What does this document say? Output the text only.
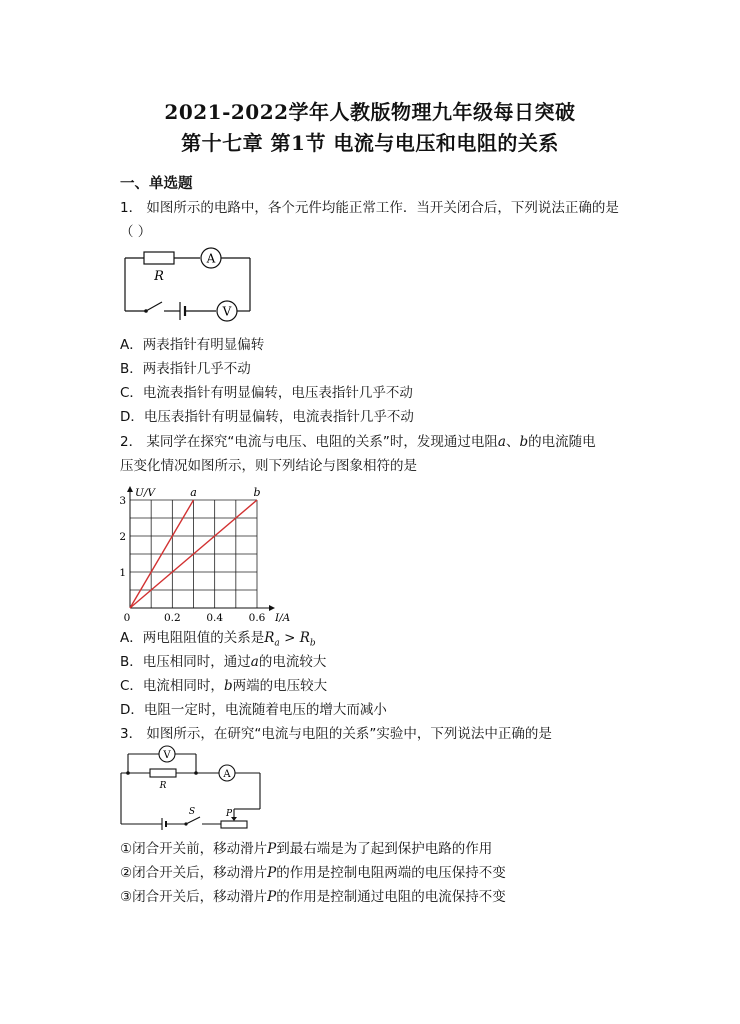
2021-2022学年人教版物理九年级每日突破
第十七章 第1节 电流与电压和电阻的关系
一、单选题
1． 如图所示的电路中，各个元件均能正常工作．当开关闭合后，下列说法正确的是（ ）
R
A
V
A．两表指针有明显偏转
B．两表指针几乎不动
C．电流表指针有明显偏转，电压表指针几乎不动
D．电压表指针有明显偏转，电流表指针几乎不动
2． 某同学在探究“电流与电压、电阻的关系”时，发现通过电阻a、b的电流随电
压变化情况如图所示，则下列结论与图象相符的是
a	b
0.2 0.4 0.6
1
2
3
0	I/A
U/V
A．两电阻阻值的关系是$R_a > R_b$
B．电压相同时，通过a的电流较大
C．电流相同时，b两端的电压较大
D．电阻一定时，电流随着电压的增大而减小
3． 如图所示，在研究“电流与电阻的关系”实验中，下列说法中正确的是
V
A
R
S	P
①闭合开关前，移动滑片P到最右端是为了起到保护电路的作用
②闭合开关后，移动滑片P的作用是控制电阻两端的电压保持不变
③闭合开关后，移动滑片P的作用是控制通过电阻的电流保持不变
